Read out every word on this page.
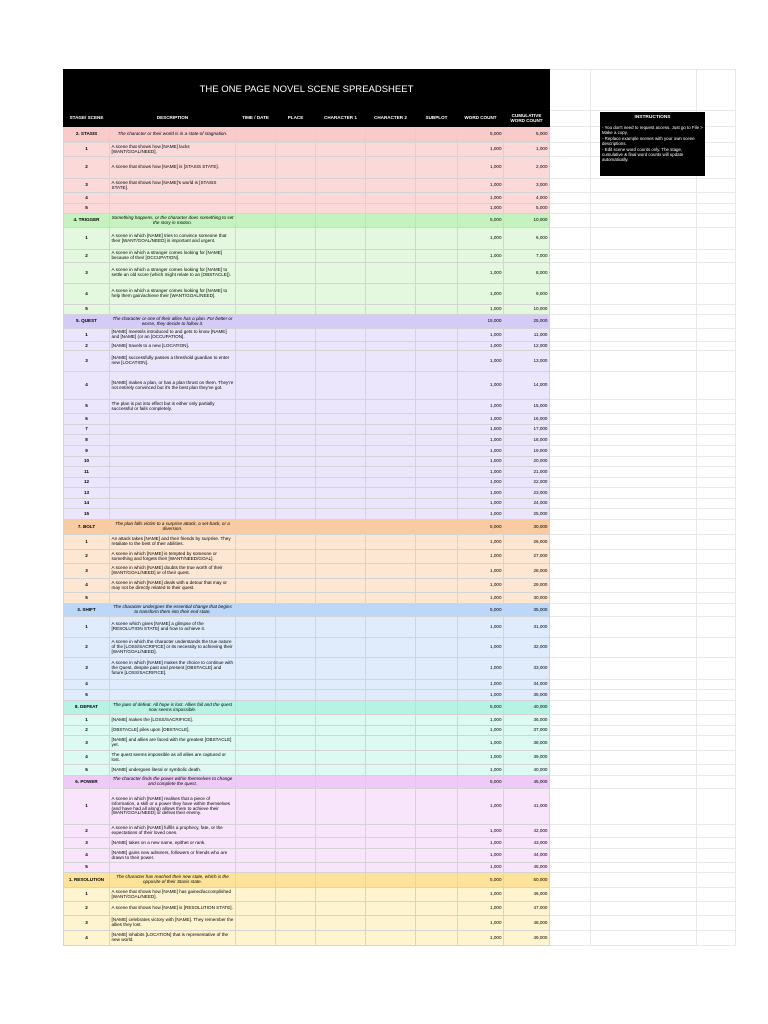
THE ONE PAGE NOVEL SCENE SPREADSHEET											
STAGE/ SCENE	DESCRIPTION	TIME / DATE	PLACE	CHARACTER 1	CHARACTER 2	SUBPLOT	WORD COUNT	CUMULATIVE WORD COUNT			
2. STASIS	The character or their world is in a state of stagnation.						5,000	5,000			
1	A scene that shows how [NAME] lacks [WANT/GOAL/NEED].						1,000	1,000			
2	A scene that shows how [NAME] is [STASIS STATE].						1,000	2,000			
3	A scene that shows how [NAME]'s world is [STASIS STATE].						1,000	3,000			
4							1,000	4,000			
5							1,000	5,000			
4. TRIGGER	Something happens, or the character does something to set the story in motion.						5,000	10,000			
1	A scene in which [NAME] tries to convince someone that their [WANT/GOAL/NEED] is important and urgent.						1,000	6,000			
2	A scene in which a stranger comes looking for [NAME] because of their [OCCUPATION].						1,000	7,000			
3	A scene in which a stranger comes looking for [NAME] to settle an old score (which might relate to an [OBSTACLE]).						1,000	8,000			
4	A scene in which a stranger comes looking for [NAME] to help them gain/achieve their [WANT/GOAL/NEED].						1,000	9,000			
5							1,000	10,000			
5. QUEST	The character or one of their allies has a plan. For better or worse, they decide to follow it.						15,000	25,000			
1	[NAME] meets/is introduced to and gets to know [NAME] and [NAME] (or an [OCCUPATION].						1,000	11,000			
2	[NAME] travels to a new [LOCATION].						1,000	12,000			
3	[NAME] successfully passes a threshold guardian to enter new [LOCATION].						1,000	13,000			
4	[NAME] makes a plan, or has a plan thrust on them. They're not entirely convinced but it's the best plan they've got.						1,000	14,000			
5	The plan is put into effect but is either only partially successful or fails completely.						1,000	15,000			
6							1,000	16,000			
7							1,000	17,000			
8							1,000	18,000			
9							1,000	19,000			
10							1,000	20,000			
11							1,000	21,000			
12							1,000	22,000			
13							1,000	23,000			
14							1,000	24,000			
15							1,000	25,000			
7. BOLT	The plan falls victim to a surprise attack, a set-back, or a diversion.						5,000	30,000			
1	An attack takes [NAME] and their friends by surprise. They retaliate to the best of their abilities.						1,000	26,000			
2	A scene in which [NAME] is tempted by someone or something and forgets their [WANT/NEED/GOAL].						1,000	27,000			
3	A scene in which [NAME] doubts the true worth of their [WANT/GOAL/NEED] or of their quest.						1,000	28,000			
4	A scene in which [NAME] deals with a detour that may or may not be directly related to their quest.						1,000	29,000			
5							1,000	30,000			
3. SHIFT	The character undergoes the essential change that begins to transform them into their end state.						5,000	35,000			
1	A scene which gives [NAME] a glimpse of the [RESOLUTION STATE] and how to achieve it.						1,000	31,000			
2	A scene in which the character understands the true nature of the [LOSS/SACRIFICE] or its necessity to achieving their [WANT/GOAL/NEED].						1,000	32,000			
3	A scene in which [NAME] makes the choice to continue with the Quest, despite past and present [OBSTACLE] and future [LOSS/SACRIFICE].						1,000	33,000			
4							1,000	34,000			
5							1,000	35,000			
8. DEFEAT	The jaws of defeat. All hope is lost. Allies fail and the quest now seems impossible.						5,000	40,000			
1	[NAME] makes the [LOSS/SACRIFICE].						1,000	36,000			
2	[OBSTACLE] piles upon [OBSTACLE].						1,000	37,000			
3	[NAME] and allies are faced with the greatest [OBSTACLE] yet.						1,000	38,000			
4	The quest seems impossible as all allies are captured or lost.						1,000	39,000			
5	[NAME] undergoes literal or symbolic death.						1,000	40,000			
6. POWER	The character finds the power within themselves to change and complete the quest.						5,000	45,000			
1	A scene in which [NAME] realises that a piece of information, a skill or a power they have within themselves (and have had all along) allows them to achieve their [WANT/GOAL/NEED] or defeat their enemy.						1,000	41,000			
2	A scene in which [NAME] fulfils a prophecy, fate, or the expectations of their loved ones.						1,000	42,000			
3	[NAME] takes on a new name, epithet or rank.						1,000	43,000			
4	[NAME] gains new admirers, followers or friends who are drawn to their power.						1,000	44,000			
5							1,000	45,000			
1. RESOLUTION	The character has reached their new state, which is the opposite of their Stasis state.						5,000	50,000			
1	A scene that shows how [NAME] has gained/accomplished [WANT/GOAL/NEED].						1,000	46,000			
2	A scene that shows how [NAME] is [RESOLUTION STATE].						1,000	47,000			
3	[NAME] celebrates victory with [NAME]. They remember the allies they lost.						1,000	48,000			
4	[NAME] inhabits [LOCATION] that is representative of the new world.						1,000	49,000			
INSTRUCTIONS
- You don't need to request access. Just go to File > Make a copy.
- Replace example scenes with your own scene descriptions.
- Edit scene word counts only. The stage, cumulative & final word counts will update automatically.
